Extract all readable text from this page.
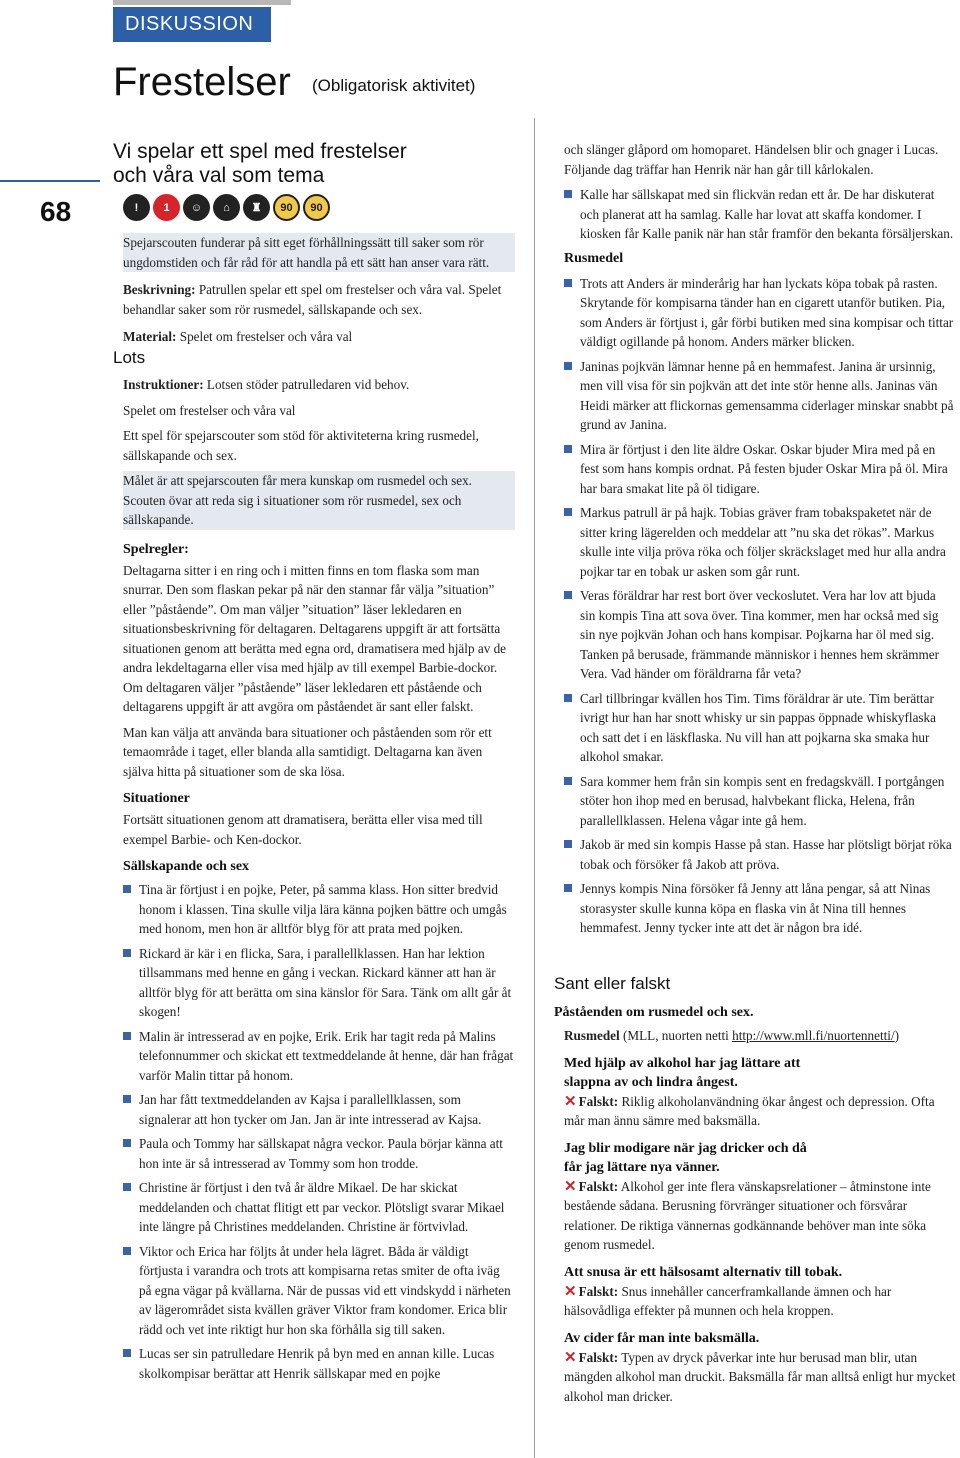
DISKUSSION
Frestelser (Obligatorisk aktivitet)
68
Vi spelar ett spel med frestelser och våra val som tema
!	1	☺	⌂	♜	90	90

Spejarscouten funderar på sitt eget förhållningssätt till saker som rör ungdomstiden och får råd för att handla på ett sätt han anser vara rätt.

Beskrivning: Patrullen spelar ett spel om frestelser och våra val. Spelet behandlar saker som rör rusmedel, sällskapande och sex.

Material: Spelet om frestelser och våra val

Lots

Instruktioner: Lotsen stöder patrulledaren vid behov.

Spelet om frestelser och våra val

Ett spel för spejarscouter som stöd för aktiviteterna kring rusmedel, sällskapande och sex.

Målet är att spejarscouten får mera kunskap om rusmedel och sex. Scouten övar att reda sig i situationer som rör rusmedel, sex och sällskapande.

Spelregler:

Deltagarna sitter i en ring och i mitten finns en tom flaska som man snurrar. Den som flaskan pekar på när den stannar får välja ”situation” eller ”påstående”. Om man väljer ”situation” läser lekledaren en situationsbeskrivning för deltagaren. Deltagarens uppgift är att fortsätta situationen genom att berätta med egna ord, dramatisera med hjälp av de andra lekdeltagarna eller visa med hjälp av till exempel Barbie-dockor. Om deltagaren väljer ”påstående” läser lekledaren ett påstående och deltagarens uppgift är att avgöra om påståendet är sant eller falskt.

Man kan välja att använda bara situationer och påståenden som rör ett temaområde i taget, eller blanda alla samtidigt. Deltagarna kan även själva hitta på situationer som de ska lösa.

Situationer

Fortsätt situationen genom att dramatisera, berätta eller visa med till exempel Barbie- och Ken-dockor.

Sällskapande och sex
Tina är förtjust i en pojke, Peter, på samma klass. Hon sitter bredvid honom i klassen. Tina skulle vilja lära känna pojken bättre och umgås med honom, men hon är alltför blyg för att prata med pojken.
Rickard är kär i en flicka, Sara, i parallellklassen. Han har lektion tillsammans med henne en gång i veckan. Rickard känner att han är alltför blyg för att berätta om sina känslor för Sara. Tänk om allt går åt skogen!
Malin är intresserad av en pojke, Erik. Erik har tagit reda på Malins telefonnummer och skickat ett textmeddelande åt henne, där han frågat varför Malin tittar på honom.
Jan har fått textmeddelanden av Kajsa i parallellklassen, som signalerar att hon tycker om Jan. Jan är inte intresserad av Kajsa.
Paula och Tommy har sällskapat några veckor. Paula börjar känna att hon inte är så intresserad av Tommy som hon trodde.
Christine är förtjust i den två år äldre Mikael. De har skickat meddelanden och chattat flitigt ett par veckor. Plötsligt svarar Mikael inte längre på Christines meddelanden. Christine är förtvivlad.
Viktor och Erica har följts åt under hela lägret. Båda är väldigt förtjusta i varandra och trots att kompisarna retas smiter de ofta iväg på egna vägar på kvällarna. När de pussas vid ett vindskydd i närheten av lägerområdet sista kvällen gräver Viktor fram kondomer. Erica blir rädd och vet inte riktigt hur hon ska förhålla sig till saken.
Lucas ser sin patrulledare Henrik på byn med en annan kille. Lucas skolkompisar berättar att Henrik sällskapar med en pojke

och slänger glåpord om homoparet. Händelsen blir och gnager i Lucas. Följande dag träffar han Henrik när han går till kårlokalen.

Kalle har sällskapat med sin flickvän redan ett år. De har diskuterat och planerat att ha samlag. Kalle har lovat att skaffa kondomer. I kiosken får Kalle panik när han står framför den bekanta försäljerskan.
Rusmedel
Trots att Anders är minderårig har han lyckats köpa tobak på rasten. Skrytande för kompisarna tänder han en cigarett utanför butiken. Pia, som Anders är förtjust i, går förbi butiken med sina kompisar och tittar väldigt ogillande på honom. Anders märker blicken.
Janinas pojkvän lämnar henne på en hemmafest. Janina är ursinnig, men vill visa för sin pojkvän att det inte stör henne alls. Janinas vän Heidi märker att flickornas gemensamma ciderlager minskar snabbt på grund av Janina.
Mira är förtjust i den lite äldre Oskar. Oskar bjuder Mira med på en fest som hans kompis ordnat. På festen bjuder Oskar Mira på öl. Mira har bara smakat lite på öl tidigare.
Markus patrull är på hajk. Tobias gräver fram tobakspaketet när de sitter kring lägerelden och meddelar att ”nu ska det rökas”. Markus skulle inte vilja pröva röka och följer skräckslaget med hur alla andra pojkar tar en tobak ur asken som går runt.
Veras föräldrar har rest bort över veckoslutet. Vera har lov att bjuda sin kompis Tina att sova över. Tina kommer, men har också med sig sin nye pojkvän Johan och hans kompisar. Pojkarna har öl med sig. Tanken på berusade, främmande människor i hennes hem skrämmer Vera. Vad händer om föräldrarna får veta?
Carl tillbringar kvällen hos Tim. Tims föräldrar är ute. Tim berättar ivrigt hur han har snott whisky ur sin pappas öppnade whiskyflaska och satt det i en läskflaska. Nu vill han att pojkarna ska smaka hur alkohol smakar.
Sara kommer hem från sin kompis sent en fredagskväll. I portgången stöter hon ihop med en berusad, halvbekant flicka, Helena, från parallellklassen. Helena vågar inte gå hem.
Jakob är med sin kompis Hasse på stan. Hasse har plötsligt börjat röka tobak och försöker få Jakob att pröva.
Jennys kompis Nina försöker få Jenny att låna pengar, så att Ninas storasyster skulle kunna köpa en flaska vin åt Nina till hennes hemmafest. Jenny tycker inte att det är någon bra idé.
Sant eller falskt
Påståenden om rusmedel och sex.

Rusmedel (MLL, nuorten netti http://www.mll.fi/nuortennetti/)

Med hjälp av alkohol har jag lättare att slappna av och lindra ångest.

✕ Falskt: Riklig alkoholanvändning ökar ångest och depression. Ofta mår man ännu sämre med baksmälla.

Jag blir modigare när jag dricker och då får jag lättare nya vänner.

✕ Falskt: Alkohol ger inte flera vänskapsrelationer – åtminstone inte bestående sådana. Berusning förvränger situationer och försvårar relationer. De riktiga vännernas godkännande behöver man inte söka genom rusmedel.

Att snusa är ett hälsosamt alternativ till tobak.

✕ Falskt: Snus innehåller cancerframkallande ämnen och har hälsovådliga effekter på munnen och hela kroppen.

Av cider får man inte baksmälla.

✕ Falskt: Typen av dryck påverkar inte hur berusad man blir, utan mängden alkohol man druckit. Baksmälla får man alltså enligt hur mycket alkohol man dricker.
